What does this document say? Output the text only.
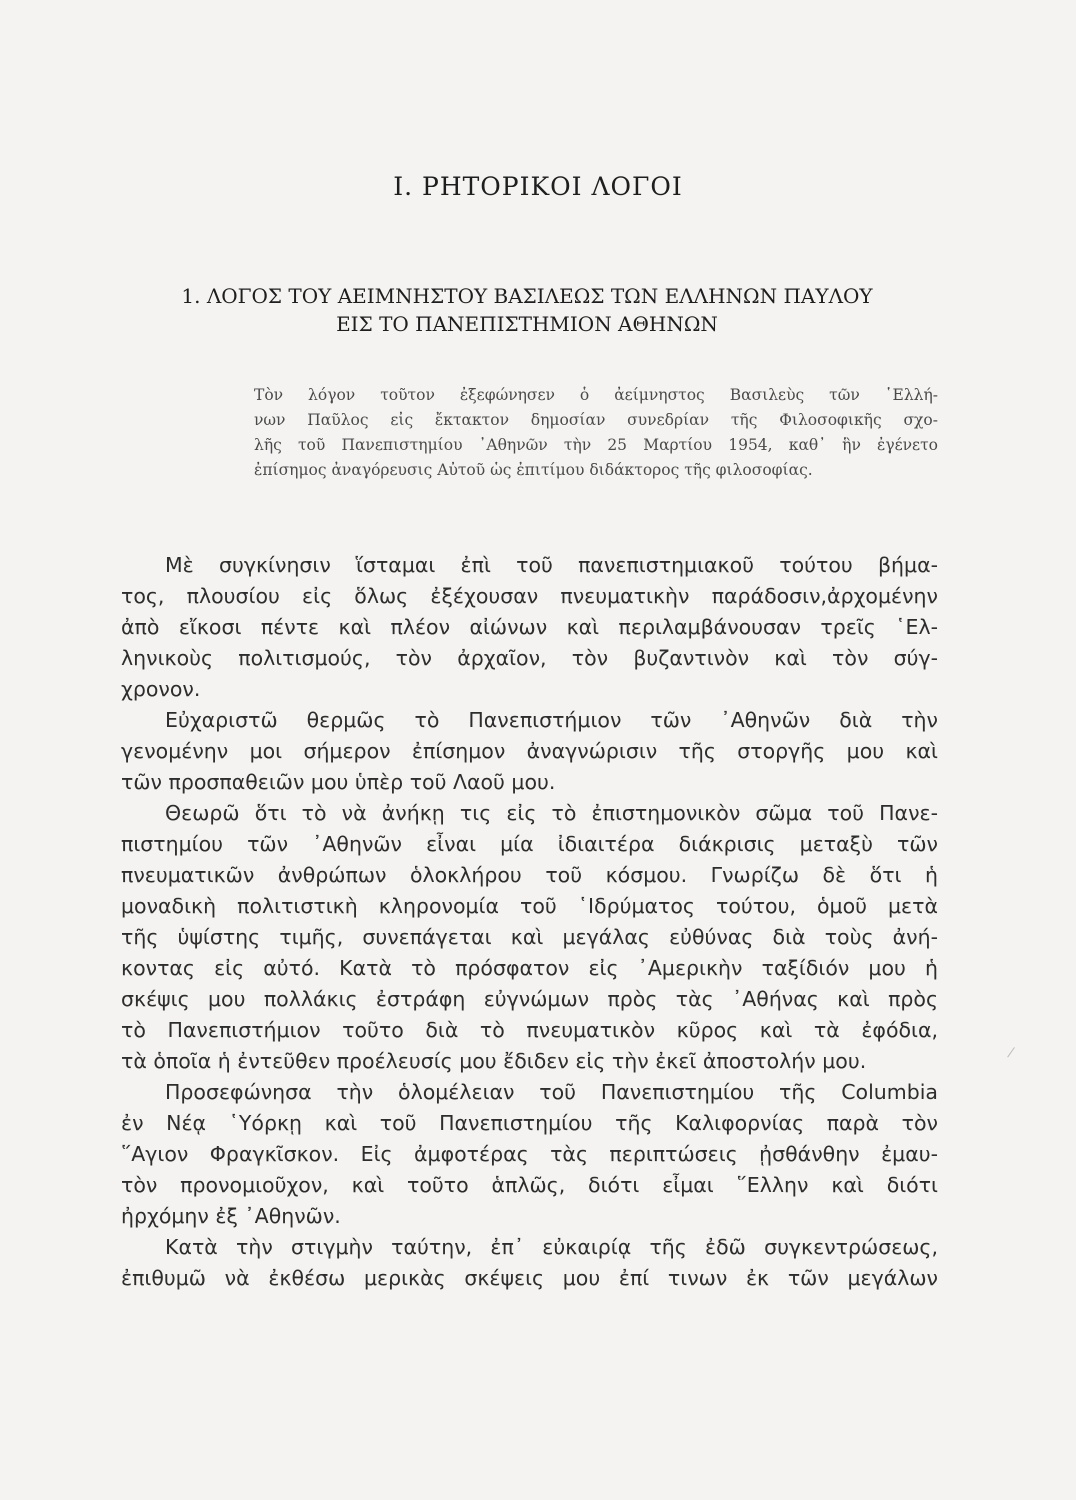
I. ΡΗΤΟΡΙΚΟΙ ΛΟΓΟΙ
1. ΛΟΓΟΣ ΤΟΥ ΑΕΙΜΝΗΣΤΟΥ ΒΑΣΙΛΕΩΣ ΤΩΝ ΕΛΛΗΝΩΝ ΠΑΥΛΟΥ
ΕΙΣ ΤΟ ΠΑΝΕΠΙΣΤΗΜΙΟΝ ΑΘΗΝΩΝ
Τὸν λόγον τοῦτον ἐξεφώνησεν ὁ ἀείμνηστος Βασιλεὺς τῶν ῾Ελλή-
νων Παῦλος εἰς ἔκτακτον δημοσίαν συνεδρίαν τῆς Φιλοσοφικῆς σχο-
λῆς τοῦ Πανεπιστημίου ᾿Αθηνῶν τὴν 25 Μαρτίου 1954, καθ᾿ ἣν ἐγένετο
ἐπίσημος ἀναγόρευσις Αὐτοῦ ὡς ἐπιτίμου διδάκτορος τῆς φιλοσοφίας.
Μὲ συγκίνησιν ἵσταμαι ἐπὶ τοῦ πανεπιστημιακοῦ τούτου βήμα-
τος, πλουσίου εἰς ὅλως ἐξέχουσαν πνευματικὴν παράδοσιν,ἀρχομένην
ἀπὸ εἴκοσι πέντε καὶ πλέον αἰώνων καὶ περιλαμβάνουσαν τρεῖς ῾Ελ-
ληνικοὺς πολιτισμούς, τὸν ἀρχαῖον, τὸν βυζαντινὸν καὶ τὸν σύγ-
χρονον.
Εὐχαριστῶ θερμῶς τὸ Πανεπιστήμιον τῶν ᾿Αθηνῶν διὰ τὴν
γενομένην μοι σήμερον ἐπίσημον ἀναγνώρισιν τῆς στοργῆς μου καὶ
τῶν προσπαθειῶν μου ὑπὲρ τοῦ Λαοῦ μου.
Θεωρῶ ὅτι τὸ νὰ ἀνήκῃ τις εἰς τὸ ἐπιστημονικὸν σῶμα τοῦ Πανε-
πιστημίου τῶν ᾿Αθηνῶν εἶναι μία ἰδιαιτέρα διάκρισις μεταξὺ τῶν
πνευματικῶν ἀνθρώπων ὁλοκλήρου τοῦ κόσμου. Γνωρίζω δὲ ὅτι ἡ
μοναδικὴ πολιτιστικὴ κληρονομία τοῦ ῾Ιδρύματος τούτου, ὁμοῦ μετὰ
τῆς ὑψίστης τιμῆς, συνεπάγεται καὶ μεγάλας εὐθύνας διὰ τοὺς ἀνή-
κοντας εἰς αὐτό. Κατὰ τὸ πρόσφατον εἰς ᾿Αμερικὴν ταξίδιόν μου ἡ
σκέψις μου πολλάκις ἐστράφη εὐγνώμων πρὸς τὰς ᾿Αθήνας καὶ πρὸς
τὸ Πανεπιστήμιον τοῦτο διὰ τὸ πνευματικὸν κῦρος καὶ τὰ ἐφόδια,
τὰ ὁποῖα ἡ ἐντεῦθεν προέλευσίς μου ἔδιδεν εἰς τὴν ἐκεῖ ἀποστολήν μου.
Προσεφώνησα τὴν ὁλομέλειαν τοῦ Πανεπιστημίου τῆς Columbia
ἐν Νέᾳ ῾Υόρκῃ καὶ τοῦ Πανεπιστημίου τῆς Καλιφορνίας παρὰ τὸν
῞Αγιον Φραγκῖσκον. Εἰς ἀμφοτέρας τὰς περιπτώσεις ᾐσθάνθην ἐμαυ-
τὸν προνομιοῦχον, καὶ τοῦτο ἁπλῶς, διότι εἶμαι ῞Ελλην καὶ διότι
ἠρχόμην ἐξ ᾿Αθηνῶν.
Κατὰ τὴν στιγμὴν ταύτην, ἐπ᾿ εὐκαιρίᾳ τῆς ἐδῶ συγκεντρώσεως,
ἐπιθυμῶ νὰ ἐκθέσω μερικὰς σκέψεις μου ἐπί τινων ἐκ τῶν μεγάλων
